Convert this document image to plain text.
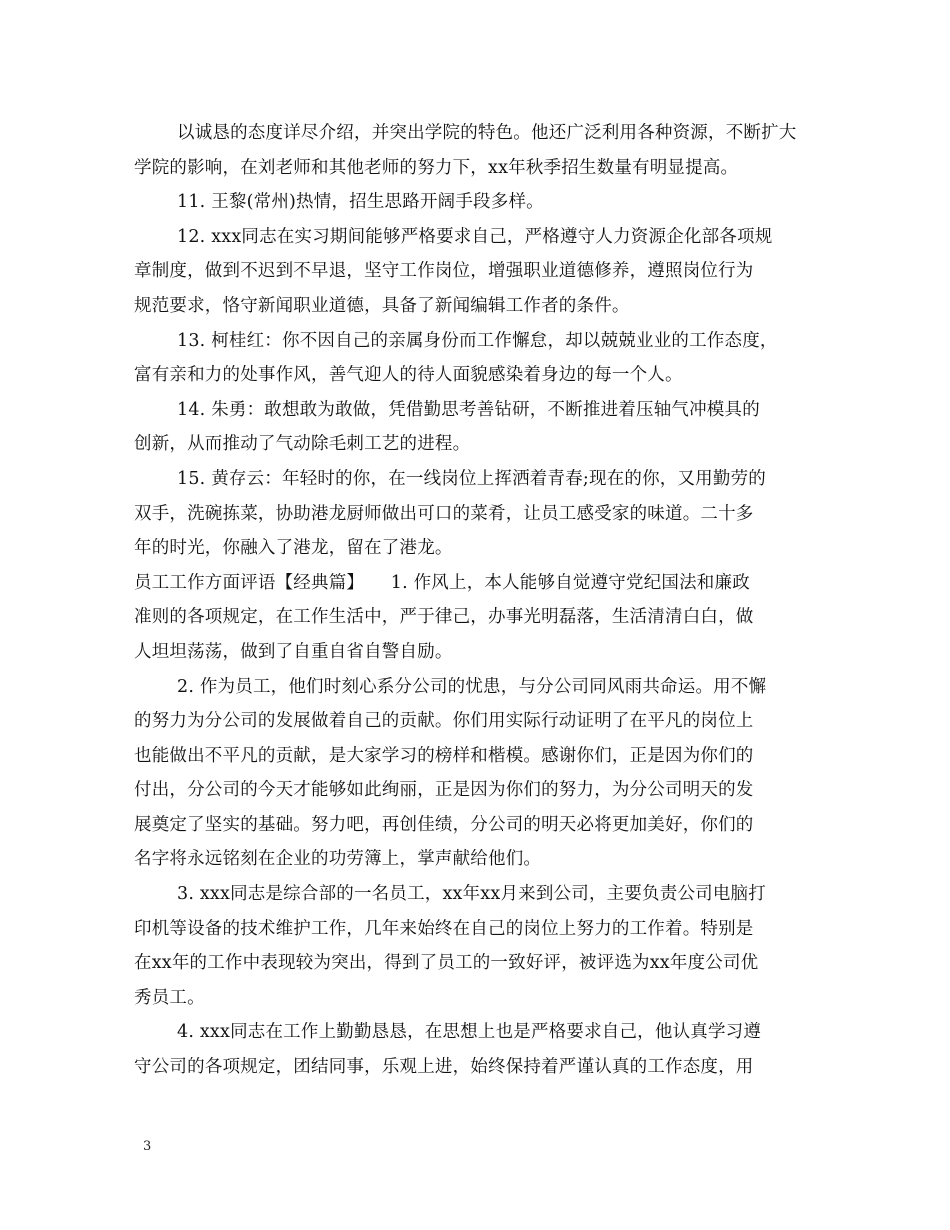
以诚恳的态度详尽介绍，并突出学院的特色。他还广泛利用各种资源，不断扩大
学院的影响，在刘老师和其他老师的努力下，xx年秋季招生数量有明显提高。
11. 王黎(常州)热情，招生思路开阔手段多样。
12. xxx同志在实习期间能够严格要求自己，严格遵守人力资源企化部各项规
章制度，做到不迟到不早退，坚守工作岗位，增强职业道德修养，遵照岗位行为
规范要求，恪守新闻职业道德，具备了新闻编辑工作者的条件。
13. 柯桂红：你不因自己的亲属身份而工作懈怠，却以兢兢业业的工作态度，
富有亲和力的处事作风，善气迎人的待人面貌感染着身边的每一个人。
14. 朱勇：敢想敢为敢做，凭借勤思考善钻研，不断推进着压轴气冲模具的
创新，从而推动了气动除毛刺工艺的进程。
15. 黄存云：年轻时的你，在一线岗位上挥洒着青春;现在的你，又用勤劳的
双手，洗碗拣菜，协助港龙厨师做出可口的菜肴，让员工感受家的味道。二十多
年的时光，你融入了港龙，留在了港龙。
员工工作方面评语【经典篇】　　1. 作风上，本人能够自觉遵守党纪国法和廉政
准则的各项规定，在工作生活中，严于律己，办事光明磊落，生活清清白白，做
人坦坦荡荡，做到了自重自省自警自励。
2. 作为员工，他们时刻心系分公司的忧患，与分公司同风雨共命运。用不懈
的努力为分公司的发展做着自己的贡献。你们用实际行动证明了在平凡的岗位上
也能做出不平凡的贡献，是大家学习的榜样和楷模。感谢你们，正是因为你们的
付出，分公司的今天才能够如此绚丽，正是因为你们的努力，为分公司明天的发
展奠定了坚实的基础。努力吧，再创佳绩，分公司的明天必将更加美好，你们的
名字将永远铭刻在企业的功劳簿上，掌声献给他们。
3. xxx同志是综合部的一名员工，xx年xx月来到公司，主要负责公司电脑打
印机等设备的技术维护工作，几年来始终在自己的岗位上努力的工作着。特别是
在xx年的工作中表现较为突出，得到了员工的一致好评，被评选为xx年度公司优
秀员工。
4. xxx同志在工作上勤勤恳恳，在思想上也是严格要求自己，他认真学习遵
守公司的各项规定，团结同事，乐观上进，始终保持着严谨认真的工作态度，用
3
